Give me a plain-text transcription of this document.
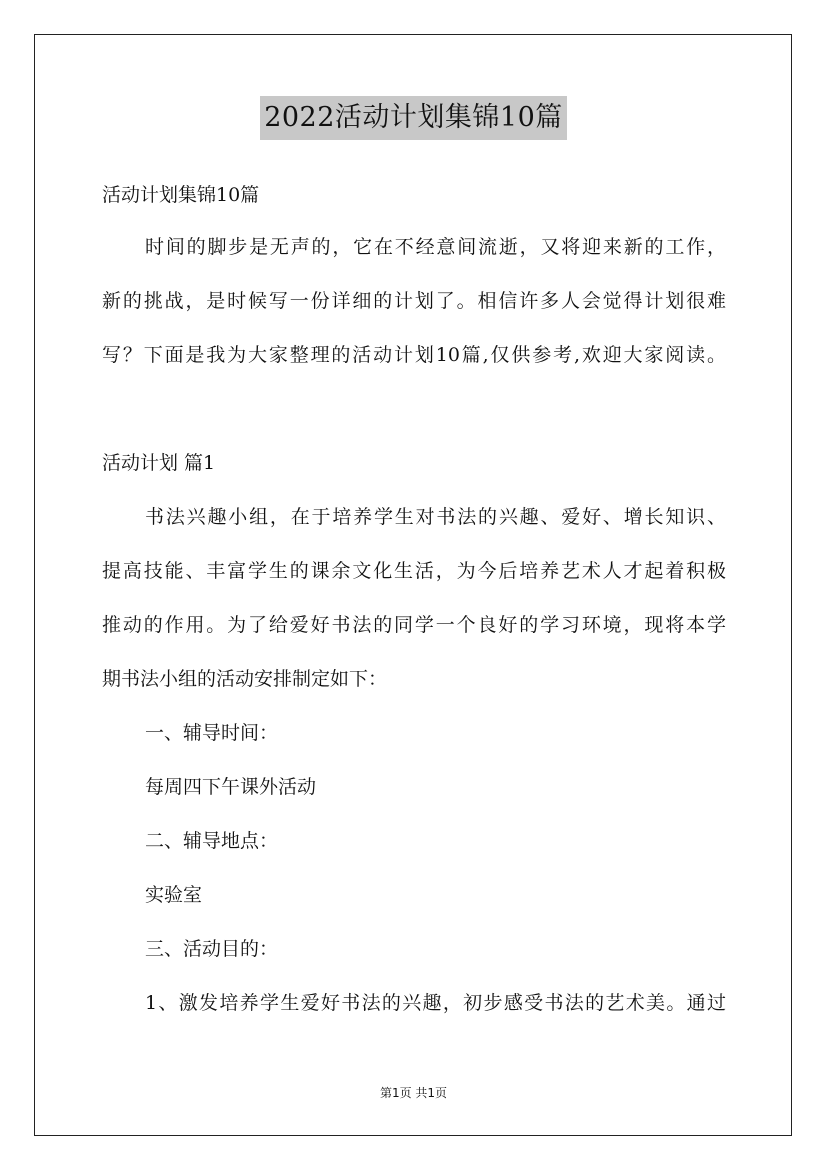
2022活动计划集锦10篇
活动计划集锦10篇
时间的脚步是无声的，它在不经意间流逝，又将迎来新的工作，
新的挑战，是时候写一份详细的计划了。相信许多人会觉得计划很难
写？下面是我为大家整理的活动计划10篇,仅供参考,欢迎大家阅读。
活动计划 篇1
书法兴趣小组，在于培养学生对书法的兴趣、爱好、增长知识、
提高技能、丰富学生的课余文化生活，为今后培养艺术人才起着积极
推动的作用。为了给爱好书法的同学一个良好的学习环境，现将本学
期书法小组的活动安排制定如下：
一、辅导时间：
每周四下午课外活动
二、辅导地点：
实验室
三、活动目的：
1、激发培养学生爱好书法的兴趣，初步感受书法的艺术美。通过
第1页 共1页
